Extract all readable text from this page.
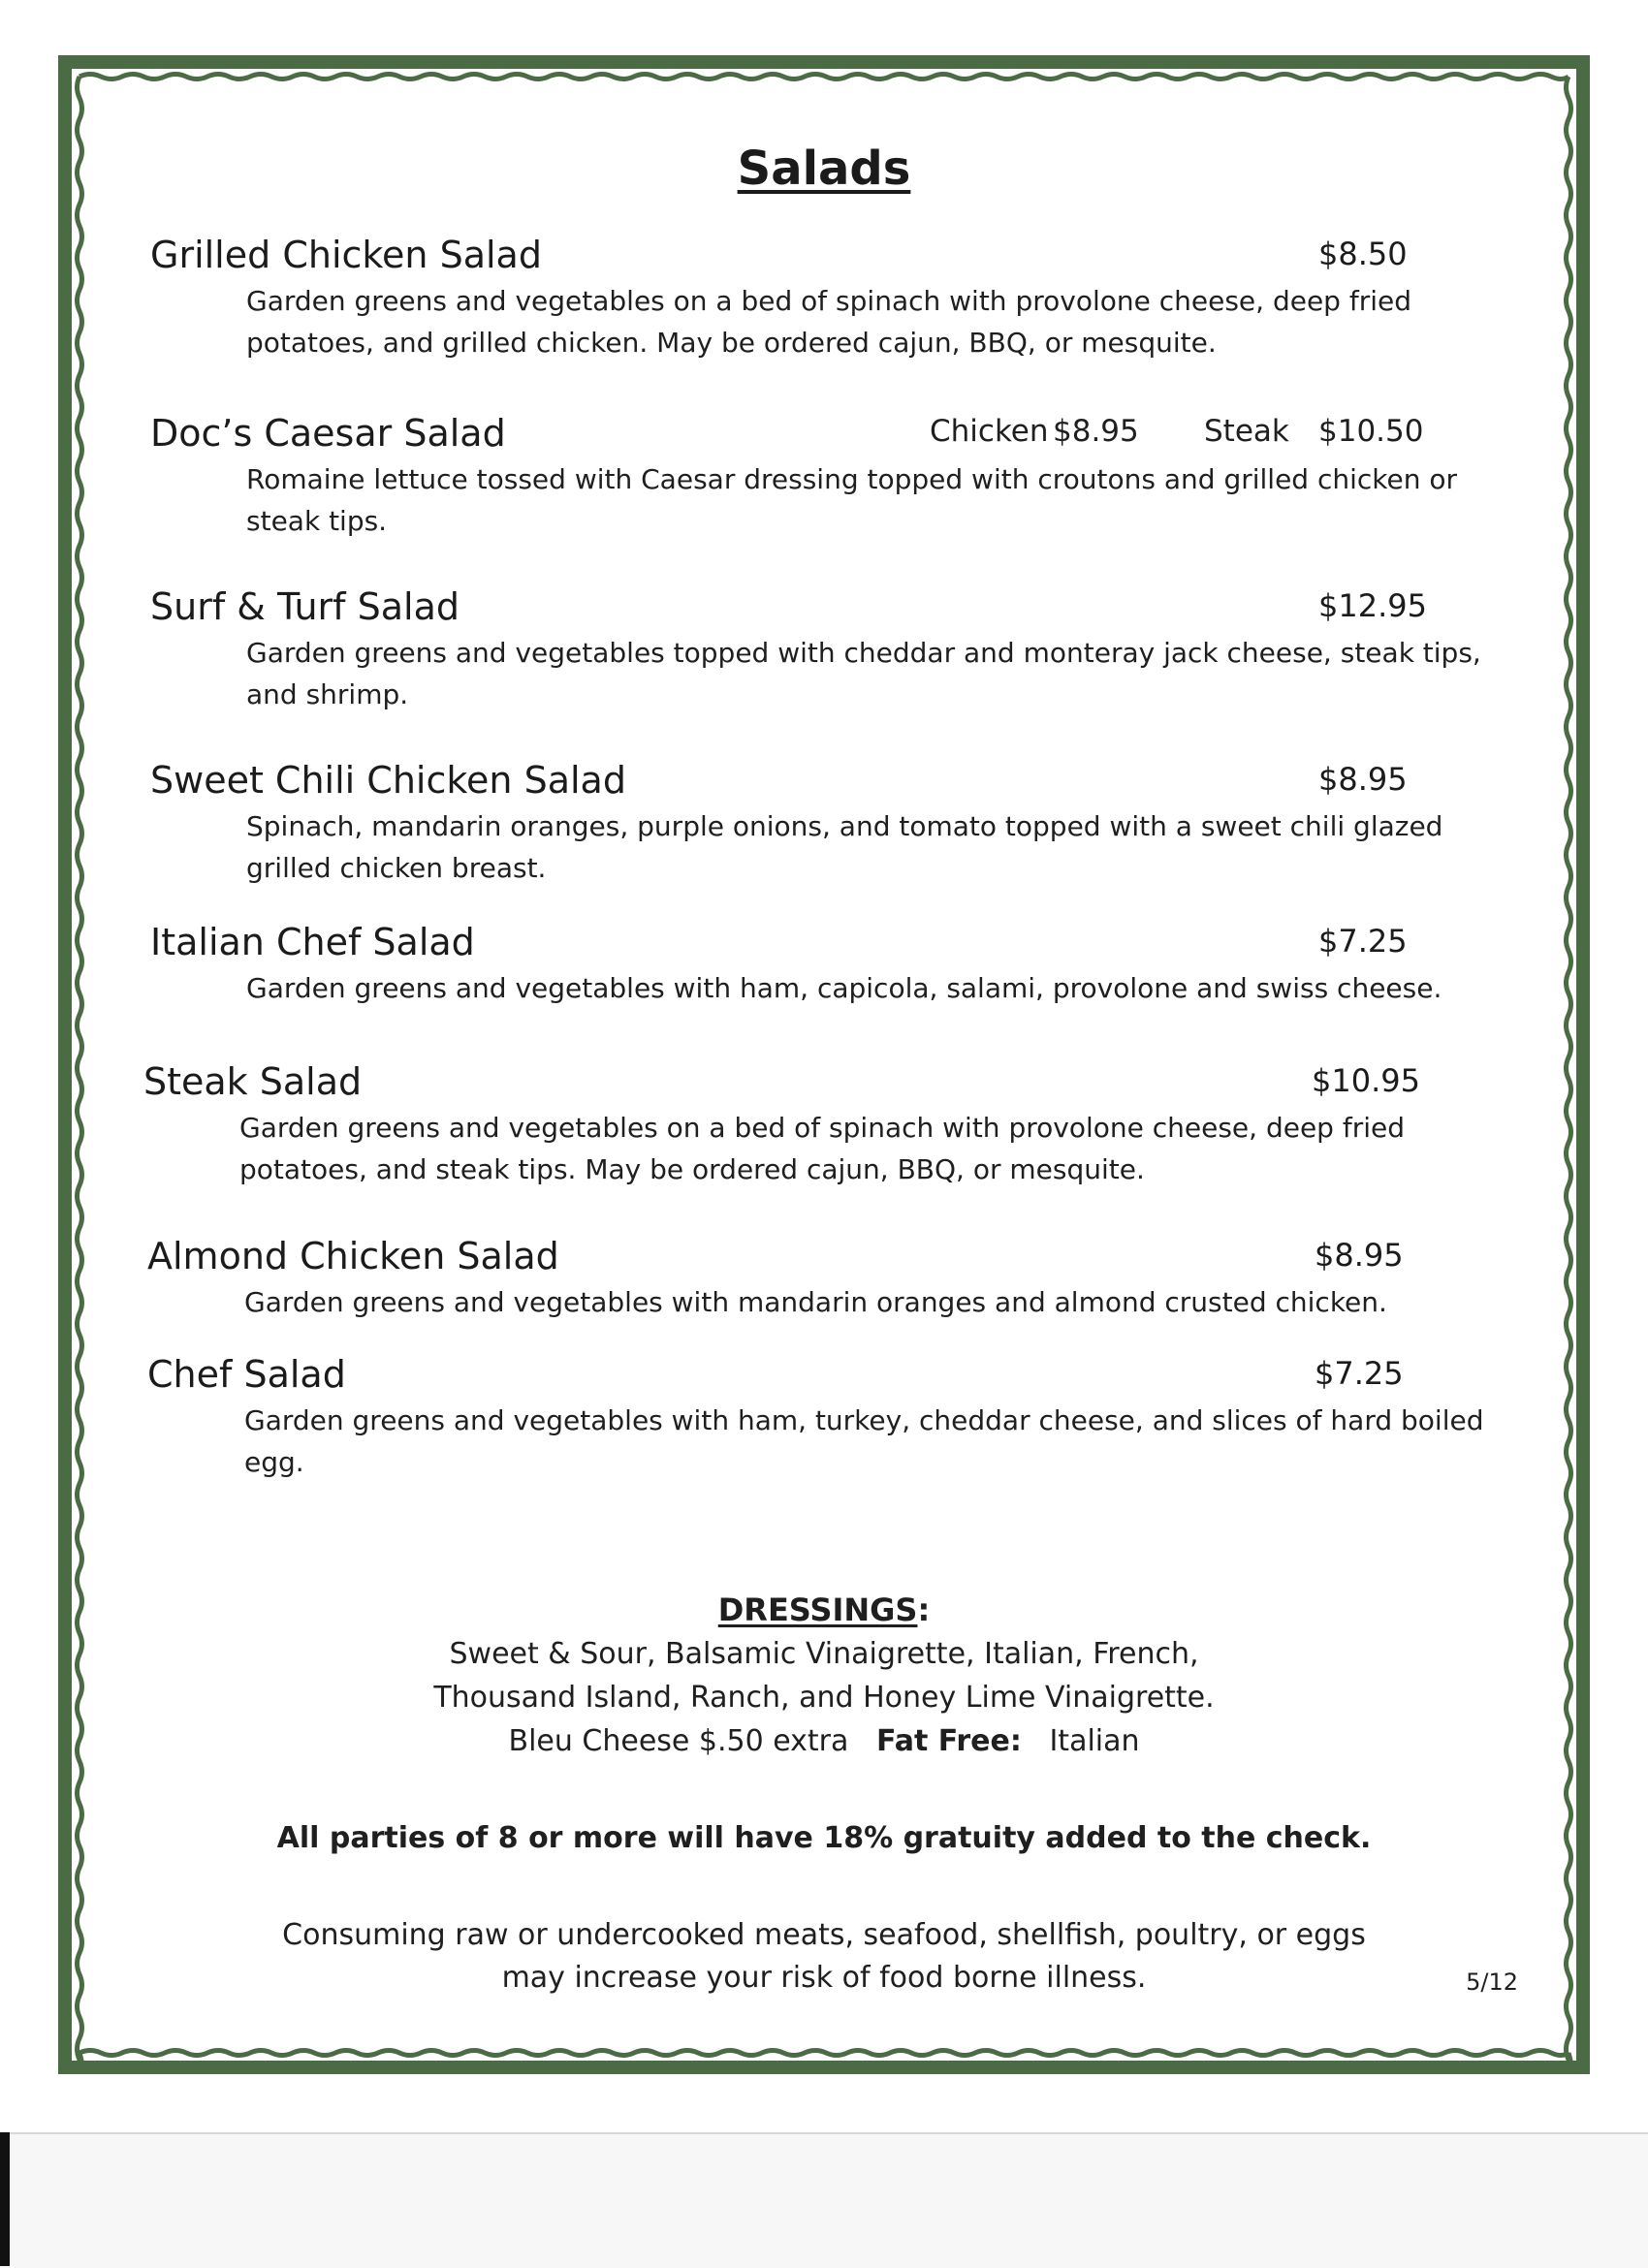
Salads
Grilled Chicken Salad	$8.50
Garden greens and vegetables on a bed of spinach with provolone cheese, deep fried potatoes, and grilled chicken. May be ordered cajun, BBQ, or mesquite.
Doc’s Caesar Salad	Chicken $8.95 Steak $10.50
Romaine lettuce tossed with Caesar dressing topped with croutons and grilled chicken or steak tips.
Surf & Turf Salad	$12.95
Garden greens and vegetables topped with cheddar and monteray jack cheese, steak tips, and shrimp.
Sweet Chili Chicken Salad	$8.95
Spinach, mandarin oranges, purple onions, and tomato topped with a sweet chili glazed grilled chicken breast.
Italian Chef Salad	$7.25
Garden greens and vegetables with ham, capicola, salami, provolone and swiss cheese.
Steak Salad	$10.95
Garden greens and vegetables on a bed of spinach with provolone cheese, deep fried potatoes, and steak tips. May be ordered cajun, BBQ, or mesquite.
Almond Chicken Salad	$8.95
Garden greens and vegetables with mandarin oranges and almond crusted chicken.
Chef Salad	$7.25
Garden greens and vegetables with ham, turkey, cheddar cheese, and slices of hard boiled egg.
DRESSINGS:
Sweet & Sour, Balsamic Vinaigrette, Italian, French,
Thousand Island, Ranch, and Honey Lime Vinaigrette.
Bleu Cheese $.50 extra Fat Free: Italian
All parties of 8 or more will have 18% gratuity added to the check.
Consuming raw or undercooked meats, seafood, shellfish, poultry, or eggs
may increase your risk of food borne illness.	5/12
